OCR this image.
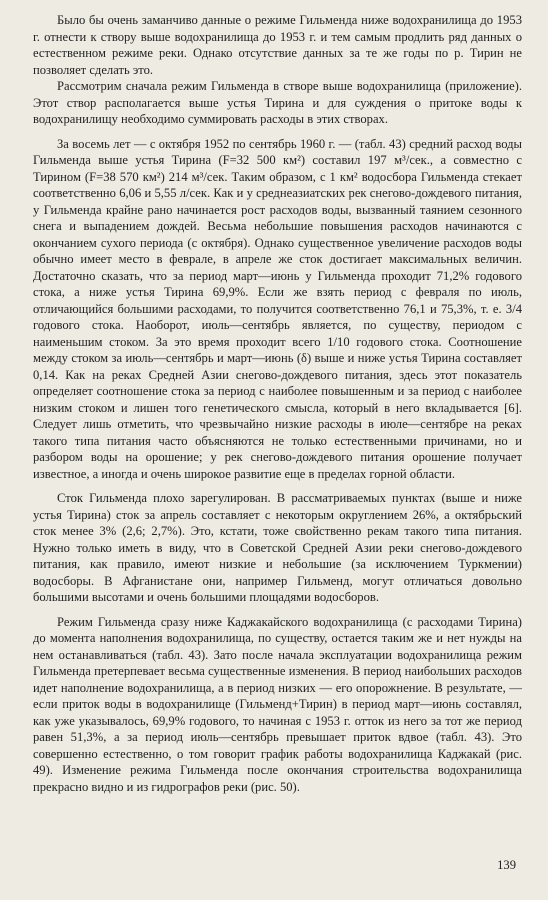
Было бы очень заманчиво данные о режиме Гильменда ниже водохранилища до 1953 г. отнести к створу выше водохранилища до 1953 г. и тем самым продлить ряд данных о естественном режиме реки. Однако отсутствие данных за те же годы по р. Тирин не позволяет сделать это.

Рассмотрим сначала режим Гильменда в створе выше водохранилища (приложение). Этот створ располагается выше устья Тирина и для суждения о притоке воды к водохранилищу необходимо суммировать расходы в этих створах.

За восемь лет — с октября 1952 по сентябрь 1960 г. — (табл. 43) средний расход воды Гильменда выше устья Тирина (F=32 500 км²) составил 197 м³/сек., а совместно с Тирином (F=38 570 км²) 214 м³/сек. Таким образом, с 1 км² водосбора Гильменда стекает соответственно 6,06 и 5,55 л/сек. Как и у среднеазиатских рек снегово-дождевого питания, у Гильменда крайне рано начинается рост расходов воды, вызванный таянием сезонного снега и выпадением дождей. Весьма небольшие повышения расходов начинаются с окончанием сухого периода (с октября). Однако существенное увеличение расходов воды обычно имеет место в феврале, в апреле же сток достигает максимальных величин. Достаточно сказать, что за период март—июнь у Гильменда проходит 71,2% годового стока, а ниже устья Тирина 69,9%. Если же взять период с февраля по июль, отличающийся большими расходами, то получится соответственно 76,1 и 75,3%, т. е. 3/4 годового стока. Наоборот, июль—сентябрь является, по существу, периодом с наименьшим стоком. За это время проходит всего 1/10 годового стока. Соотношение между стоком за июль—сентябрь и март—июнь (δ) выше и ниже устья Тирина составляет 0,14. Как на реках Средней Азии снегово-дождевого питания, здесь этот показатель определяет соотношение стока за период с наиболее повышенным и за период с наиболее низким стоком и лишен того генетического смысла, который в него вкладывается [6]. Следует лишь отметить, что чрезвычайно низкие расходы в июле—сентябре на реках такого типа питания часто объясняются не только естественными причинами, но и разбором воды на орошение; у рек снегово-дождевого питания орошение получает известное, а иногда и очень широкое развитие еще в пределах горной области.

Сток Гильменда плохо зарегулирован. В рассматриваемых пунктах (выше и ниже устья Тирина) сток за апрель составляет с некоторым округлением 26%, а октябрьский сток менее 3% (2,6; 2,7%). Это, кстати, тоже свойственно рекам такого типа питания. Нужно только иметь в виду, что в Советской Средней Азии реки снегово-дождевого питания, как правило, имеют низкие и небольшие (за исключением Туркмении) водосборы. В Афганистане они, например Гильменд, могут отличаться довольно большими высотами и очень большими площадями водосборов.

Режим Гильменда сразу ниже Каджакайского водохранилища (с расходами Тирина) до момента наполнения водохранилища, по существу, остается таким же и нет нужды на нем останавливаться (табл. 43). Зато после начала эксплуатации водохранилища режим Гильменда претерпевает весьма существенные изменения. В период наибольших расходов идет наполнение водохранилища, а в период низких — его опорожнение. В результате, — если приток воды в водохранилище (Гильменд+Тирин) в период март—июнь составлял, как уже указывалось, 69,9% годового, то начиная с 1953 г. отток из него за тот же период равен 51,3%, а за период июль—сентябрь превышает приток вдвое (табл. 43). Это совершенно естественно, о том говорит график работы водохранилища Каджакай (рис. 49). Изменение режима Гильменда после окончания строительства водохранилища прекрасно видно и из гидрографов реки (рис. 50).

139
